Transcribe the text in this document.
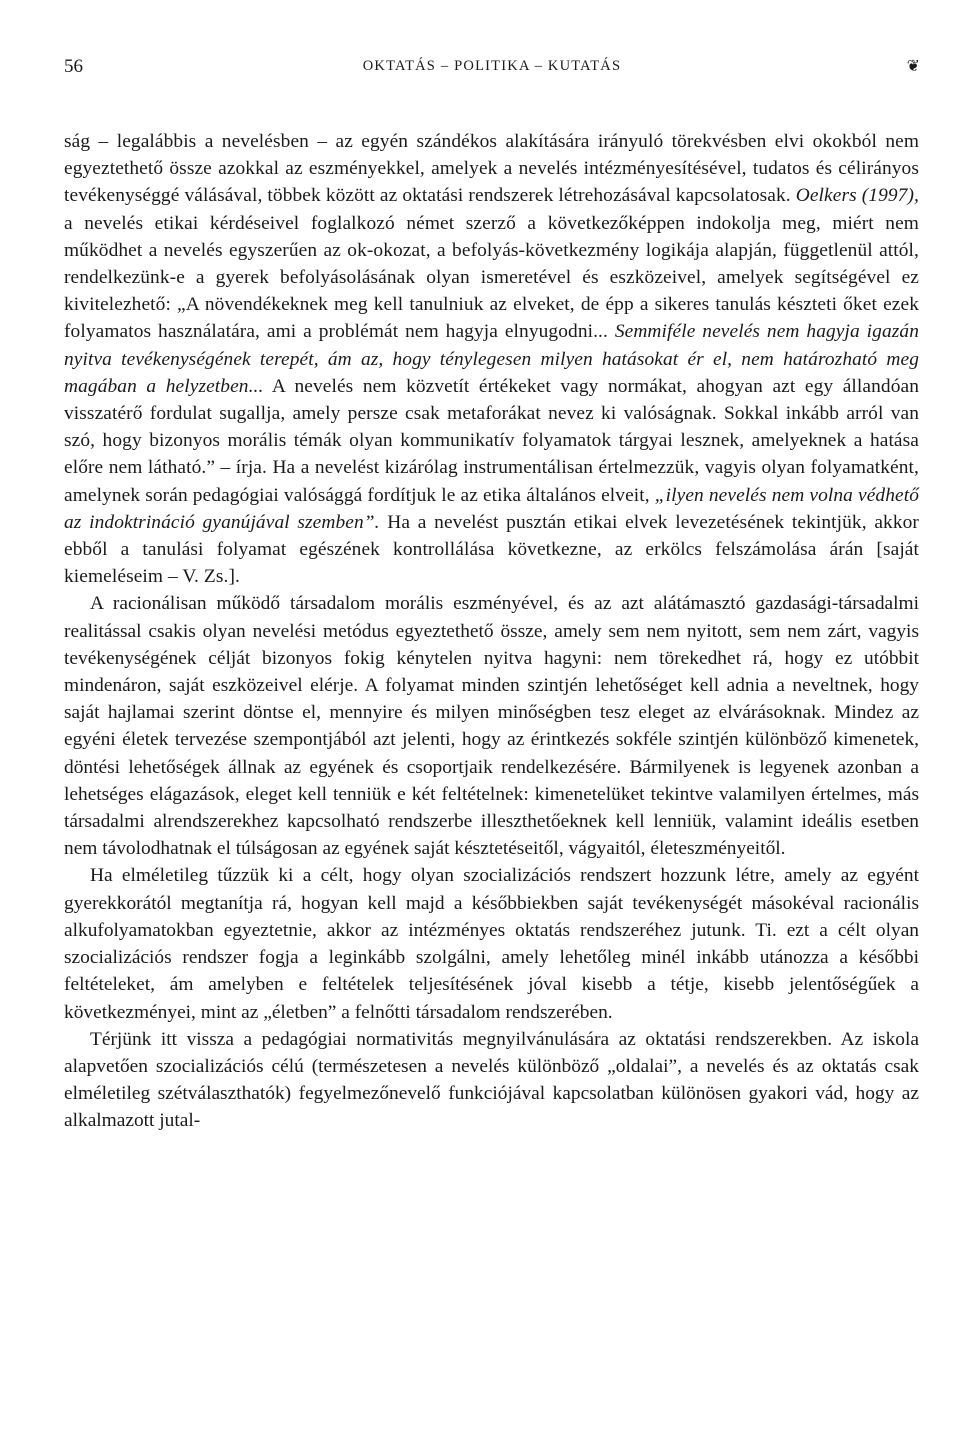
56	OKTATÁS – POLITIKA – KUTATÁS	❦

ság – legalábbis a nevelésben – az egyén szándékos alakítására irányuló törekvésben elvi okokból nem egyeztethető össze azokkal az eszményekkel, amelyek a nevelés intézményesítésével, tudatos és célirányos tevékenységgé válásával, többek között az oktatási rendszerek létrehozásával kapcsolatosak. Oelkers (1997), a nevelés etikai kérdéseivel foglalkozó német szerző a következőképpen indokolja meg, miért nem működhet a nevelés egyszerűen az ok-okozat, a befolyás-következmény logikája alapján, függetlenül attól, rendelkezünk-e a gyerek befolyásolásának olyan ismeretével és eszközeivel, amelyek segítségével ez kivitelezhető: „A növendékeknek meg kell tanulniuk az elveket, de épp a sikeres tanulás készteti őket ezek folyamatos használatára, ami a problémát nem hagyja elnyugodni... Semmiféle nevelés nem hagyja igazán nyitva tevékenységének terepét, ám az, hogy ténylegesen milyen hatásokat ér el, nem határozható meg magában a helyzetben... A nevelés nem közvetít értékeket vagy normákat, ahogyan azt egy állandóan visszatérő fordulat sugallja, amely persze csak metaforákat nevez ki valóságnak. Sokkal inkább arról van szó, hogy bizonyos morális témák olyan kommunikatív folyamatok tárgyai lesznek, amelyeknek a hatása előre nem látható.” – írja. Ha a nevelést kizárólag instrumentálisan értelmezzük, vagyis olyan folyamatként, amelynek során pedagógiai valósággá fordítjuk le az etika általános elveit, „ilyen nevelés nem volna védhető az indoktrináció gyanújával szemben”. Ha a nevelést pusztán etikai elvek levezetésének tekintjük, akkor ebből a tanulási folyamat egészének kontrollálása következne, az erkölcs felszámolása árán [saját kiemeléseim – V. Zs.].

A racionálisan működő társadalom morális eszményével, és az azt alátámasztó gazdasági-társadalmi realitással csakis olyan nevelési metódus egyeztethető össze, amely sem nem nyitott, sem nem zárt, vagyis tevékenységének célját bizonyos fokig kénytelen nyitva hagyni: nem törekedhet rá, hogy ez utóbbit mindenáron, saját eszközeivel elérje. A folyamat minden szintjén lehetőséget kell adnia a neveltnek, hogy saját hajlamai szerint döntse el, mennyire és milyen minőségben tesz eleget az elvárásoknak. Mindez az egyéni életek tervezése szempontjából azt jelenti, hogy az érintkezés sokféle szintjén különböző kimenetek, döntési lehetőségek állnak az egyének és csoportjaik rendelkezésére. Bármilyenek is legyenek azonban a lehetséges elágazások, eleget kell tenniük e két feltételnek: kimenetelüket tekintve valamilyen értelmes, más társadalmi alrendszerekhez kapcsolható rendszerbe illeszthetőeknek kell lenniük, valamint ideális esetben nem távolodhatnak el túlságosan az egyének saját késztetéseitől, vágyaitól, életeszményeitől.

Ha elméletileg tűzzük ki a célt, hogy olyan szocializációs rendszert hozzunk létre, amely az egyént gyerekkorától megtanítja rá, hogyan kell majd a későbbiekben saját tevékenységét másokéval racionális alkufolyamatokban egyeztetnie, akkor az intézményes oktatás rendszeréhez jutunk. Ti. ezt a célt olyan szocializációs rendszer fogja a leginkább szolgálni, amely lehetőleg minél inkább utánozza a későbbi feltételeket, ám amelyben e feltételek teljesítésének jóval kisebb a tétje, kisebb jelentőségűek a következményei, mint az „életben” a felnőtti társadalom rendszerében.

Térjünk itt vissza a pedagógiai normativitás megnyilvánulására az oktatási rendszerekben. Az iskola alapvetően szocializációs célú (természetesen a nevelés különböző „oldalai”, a nevelés és az oktatás csak elméletileg szétválaszthatók) fegyelmezőnevelő funkciójával kapcsolatban különösen gyakori vád, hogy az alkalmazott jutal-
